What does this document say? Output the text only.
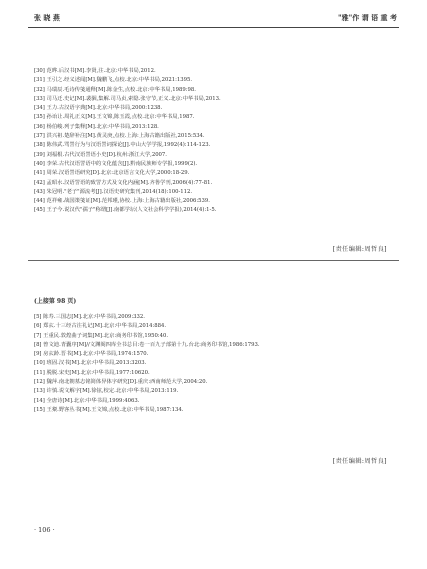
张 晓 燕	"雅"作 谓 语 重 考
[30] 范晔.后汉书[M].李贤,注.北京:中华书局,2012.
[31] 王引之.经义述闻[M].魏鹏飞,点校.北京:中华书局,2021:1395.
[32] 马瑞辰.毛诗传笺通释[M].陈金生,点校.北京:中华书局,1989:98.
[33] 司马迁.史记[M].裴骃,集解.司马贞,索隐.张守节,正义.北京:中华书局,2013.
[34] 王力.古汉语字典[M].北京:中华书局,2000:1238.
[35] 孙诒让.周礼正义[M].王文锦,陈玉霞,点校.北京:中华书局,1987.
[36] 杨伯峻.列子集释[M].北京:中华书局,2013:128.
[37] 洪兴祖.楚辞补注[M].黄灵庚,点校.上海:上海古籍出版社,2015:534.
[38] 陈伟武.骂詈行为与汉语詈词探论[J].中山大学学报,1992(4):114-123.
[39] 刘福根.古代汉语詈语小史[D].杭州:浙江大学,2007.
[40] 李荣.古代汉语詈语中的文化蕴含[J].黔南民族师专学报,1999(2).
[41] 周荣.汉语詈语研究[D].北京:北京语言文化大学,2000:18-29.
[42] 孟昭水.汉语詈语的致詈方式及文化内涵[M].齐鲁学刊,2006(4):77-81.
[43] 朱冠明."老子"源流考[J].汉语史研究集刊,2014(18):100-112.
[44] 范祥雍.战国策笺证[M].范邦瑾,协校.上海:上海古籍出版社,2006:539.
[45] 王子今.说汉代"孺子"称谓[J].南都学坛(人文社会科学学报),2014(4):1-5.
[责任编辑:周哲良]
(上接第 98 页)
[5] 陈寿.三国志[M].北京:中华书局,2009:332.
[6] 郑玄.十三经古注礼记[M].北京:中华书局,2014:884.
[7] 王重民.敦煌曲子词集[M].北京:商务印书馆,1950:40.
[8] 曾文迪.青囊序[M]//文渊阁四库全书总目:卷一百九子部第十九.台北:商务印书馆,1986:1793.
[9] 房玄龄.晋书[M].北京:中华书局,1974:1570.
[10] 班固.汉书[M].北京:中华书局,2013:3203.
[11] 脱脱.宋史[M].北京:中华书局,1977:10620.
[12] 魏萍.南北朝墓志铭简体异体字研究[D].重庆:西南师范大学,2004:20.
[13] 许慎.说文解字[M].徐铉,校定.北京:中华书局,2013:119.
[14] 全唐诗[M].北京:中华书局,1999:4063.
[15] 王粲.野客丛书[M].王文锦,点校.北京:中华书局,1987:134.
[责任编辑:周哲良]
· 106 ·
